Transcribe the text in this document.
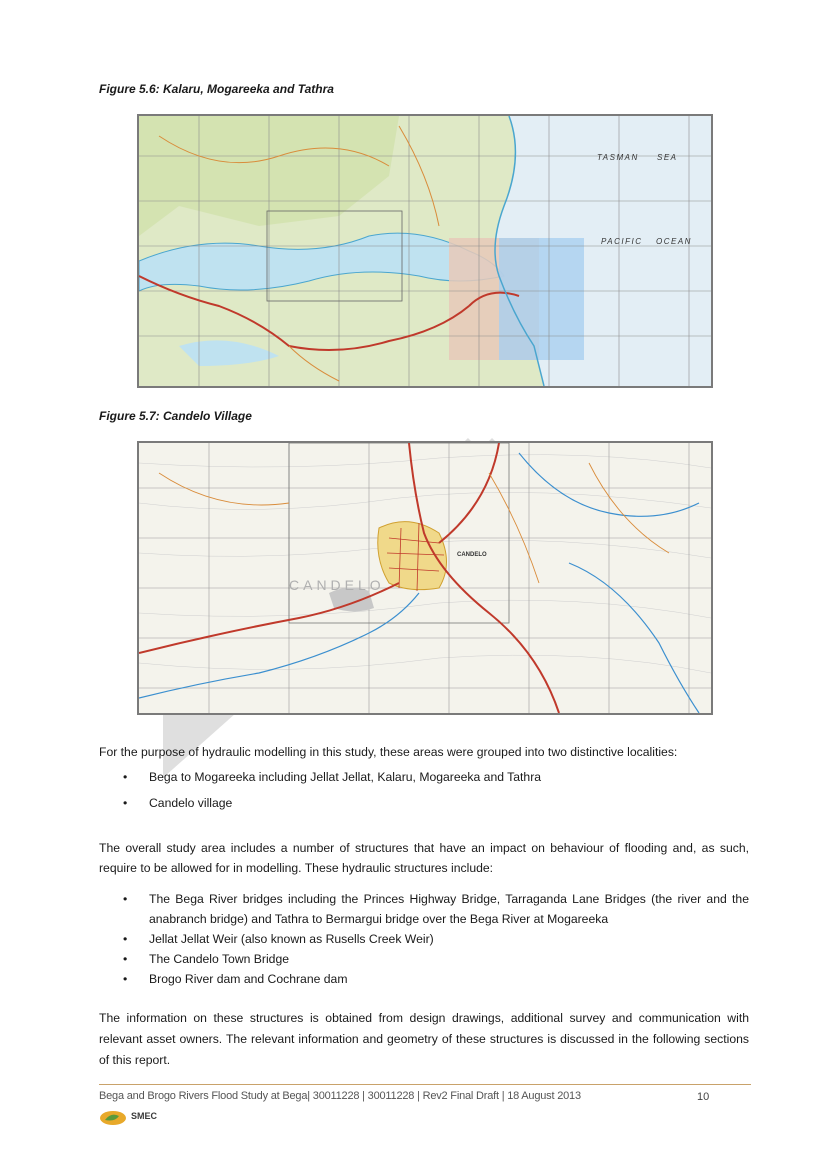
Figure 5.6: Kalaru, Mogareeka and Tathra
TASMAN SEA
PACIFIC OCEAN
Figure 5.7: Candelo Village
CANDELO
CANDELO
For the purpose of hydraulic modelling in this study, these areas were grouped into two distinctive localities:
• Bega to Mogareeka including Jellat Jellat, Kalaru, Mogareeka and Tathra
• Candelo village
The overall study area includes a number of structures that have an impact on behaviour of flooding and, as such, require to be allowed for in modelling. These hydraulic structures include:
• The Bega River bridges including the Princes Highway Bridge, Tarraganda Lane Bridges (the river and the anabranch bridge) and Tathra to Bermargui bridge over the Bega River at Mogareeka
• Jellat Jellat Weir (also known as Rusells Creek Weir)
• The Candelo Town Bridge
• Brogo River dam and Cochrane dam
The information on these structures is obtained from design drawings, additional survey and communication with relevant asset owners. The relevant information and geometry of these structures is discussed in the following sections of this report.
Bega and Brogo Rivers Flood Study at Bega| 30011228 | 30011228 | Rev2 Final Draft | 18 August 2013	10
SMEC
